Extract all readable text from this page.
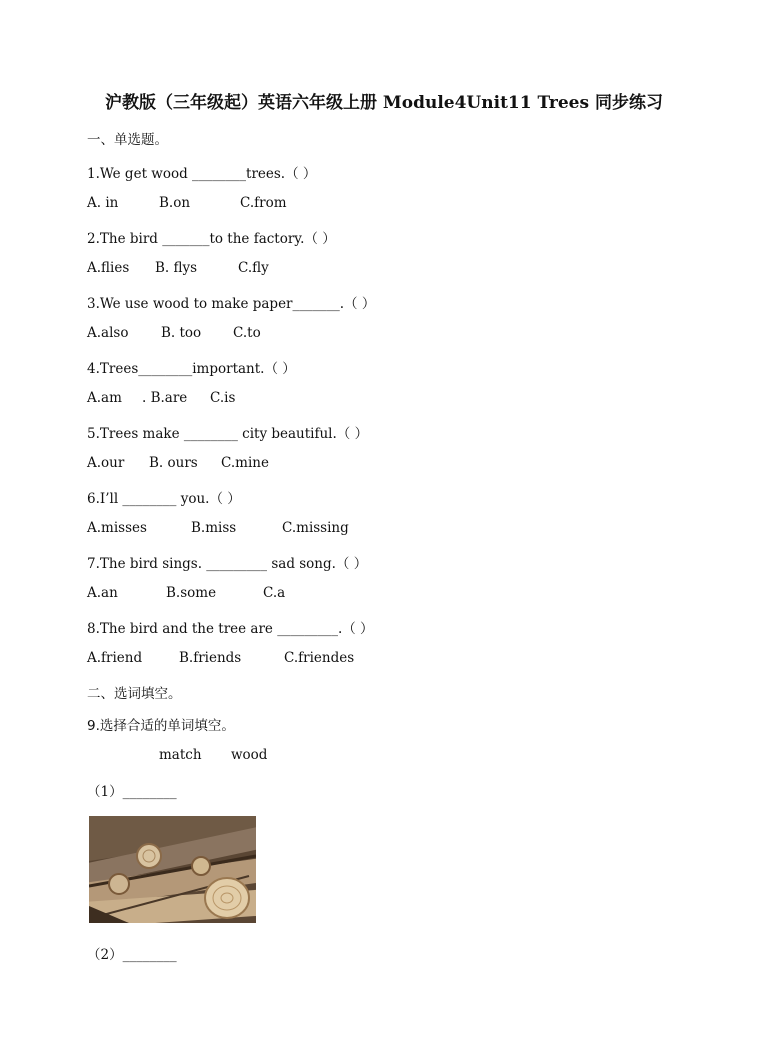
沪教版（三年级起）英语六年级上册 Module4Unit11 Trees 同步练习
一、单选题。
1.We get wood ________trees.（ ）
A. in	B.on	C.from
2.The bird _______to the factory.（ ）
A.flies B. flys	C.fly
3.We use wood to make paper_______.（ ）
A.also B. too C.to
4.Trees________important.（ ）
A.am . B.are C.is
5.Trees make ________ city beautiful.（ ）
A.our B. ours C.mine
6.I’ll ________ you.（ ）
A.misses	B.miss	C.missing
7.The bird sings. _________ sad song.（ ）
A.an	B.some	C.a
8.The bird and the tree are _________.（ ）
A.friend	B.friends	C.friendes
二、选词填空。
9.选择合适的单词填空。
match wood
（1）________
（2）________
